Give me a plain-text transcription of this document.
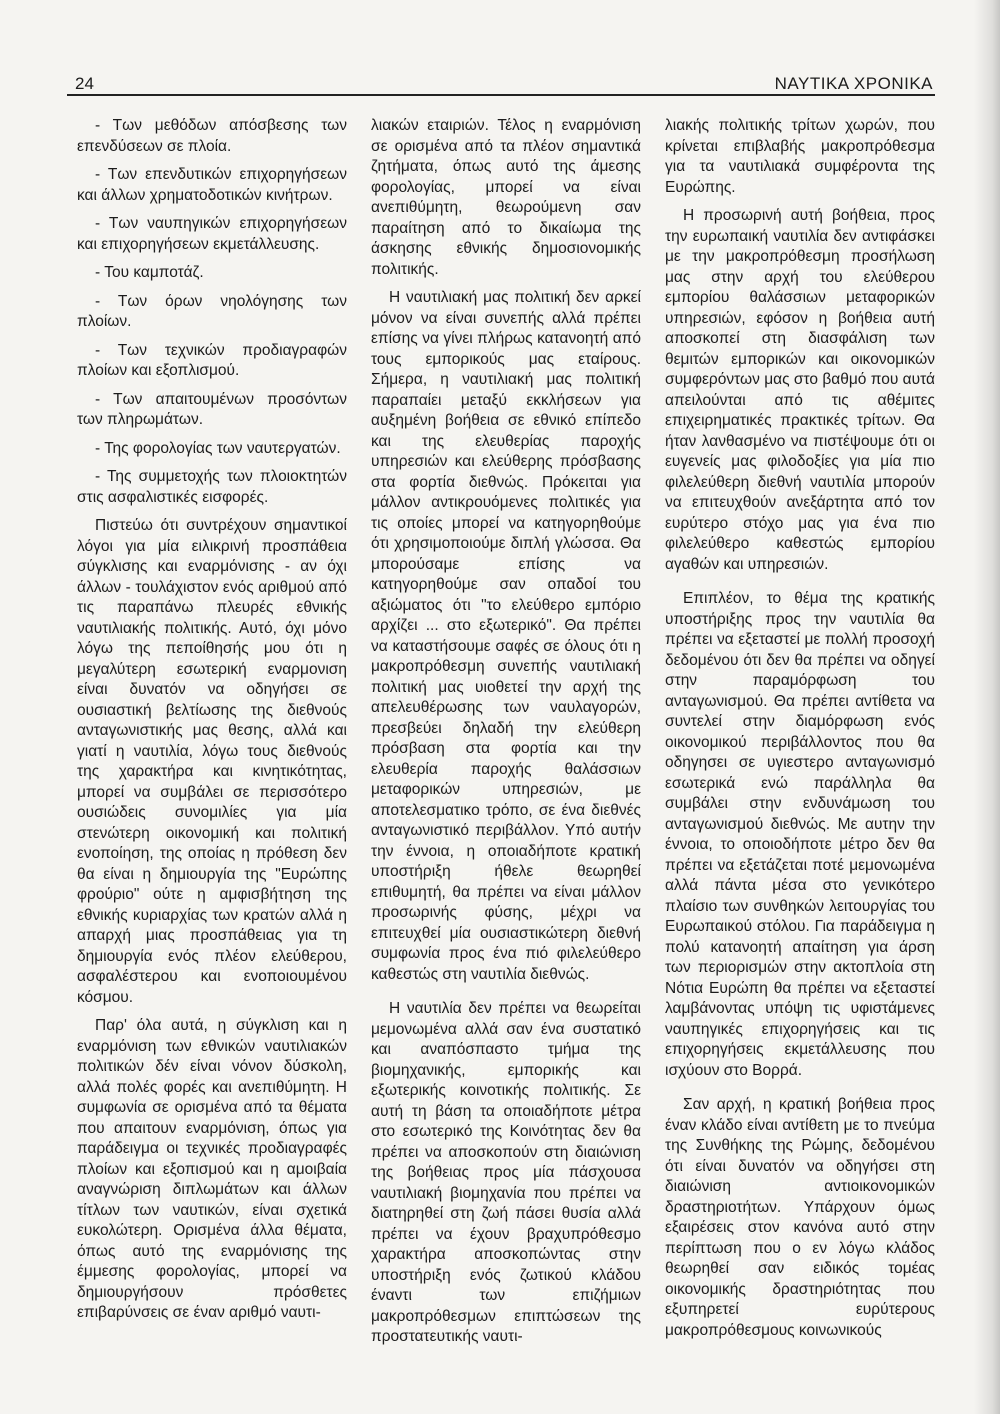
24	ΝΑΥΤΙΚΑ ΧΡΟΝΙΚΑ

- Των μεθόδων απόσβεσης των επενδύσεων σε πλοία.

- Των επενδυτικών επιχορηγήσεων και άλλων χρηματοδοτικών κινήτρων.

- Των ναυπηγικών επιχορηγήσεων και επιχορηγήσεων εκμετάλλευσης.

- Του καμποτάζ.

- Των όρων νηολόγησης των πλοίων.

- Των τεχνικών προδιαγραφών πλοίων και εξοπλισμού.

- Των απαιτουμένων προσόντων των πληρωμάτων.

- Της φορολογίας των ναυτεργατών.

- Της συμμετοχής των πλοιοκτητών στις ασφαλιστικές εισφορές.

Πιστεύω ότι συντρέχουν σημαντικοί λόγοι για μία ειλικρινή προσπάθεια σύγκλισης και εναρμόνισης - αν όχι άλλων - τουλάχιστον ενός αριθμού από τις παραπάνω πλευρές εθνικής ναυτιλιακής πολιτικής. Αυτό, όχι μόνο λόγω της πεποίθησής μου ότι η μεγαλύτερη εσωτερική εναρμονιση είναι δυνατόν να οδηγήσει σε ουσιαστική βελτίωσης της διεθνούς ανταγωνιστικής μας θεσης, αλλά και γιατί η ναυτιλία, λόγω τους διεθνούς της χαρακτήρα και κινητικότητας, μπορεί να συμβάλει σε περισσότερο ουσιώδεις συνομιλίες για μία στενώτερη οικονομική και πολιτική ενοποίηση, της οποίας η πρόθεση δεν θα είναι η δημιουργία της "Ευρώπης φρούριο" ούτε η αμφισβήτηση της εθνικής κυριαρχίας των κρατών αλλά η απαρχή μιας προσπάθειας για τη δημιουργία ενός πλέον ελεύθερου, ασφαλέστερου και ενοποιουμένου κόσμου.

Παρ' όλα αυτά, η σύγκλιση και η εναρμόνιση των εθνικών ναυτιλιακών πολιτικών δέν είναι νόνον δύσκολη, αλλά πολές φορές και ανεπιθύμητη. Η συμφωνία σε ορισμένα από τα θέματα που απαιτουν εναρμόνιση, όπως για παράδειγμα οι τεχνικές προδιαγραφές πλοίων και εξοπισμού και η αμοιβαία αναγνώριση διπλωμάτων και άλλων τίτλων των ναυτικών, είναι σχετικά ευκολώτερη. Ορισμένα άλλα θέματα, όπως αυτό της εναρμόνισης της έμμεσης φορολογίας, μπορεί να δημιουργήσουν πρόσθετες επιβαρύνσεις σε έναν αριθμό ναυτι-

λιακών εταιριών. Τέλος η εναρμόνιση σε ορισμένα από τα πλέον σημαντικά ζητήματα, όπως αυτό της άμεσης φορολογίας, μπορεί να είναι ανεπιθύμητη, θεωρούμενη σαν παραίτηση από το δικαίωμα της άσκησης εθνικής δημοσιονομικής πολιτικής.

Η ναυτιλιακή μας πολιτική δεν αρκεί μόνον να είναι συνεπής αλλά πρέπει επίσης να γίνει πλήρως κατανοητή από τους εμπορικούς μας εταίρους. Σήμερα, η ναυτιλιακή μας πολιτική παραπαίει μεταξύ εκκλήσεων για αυξημένη βοήθεια σε εθνικό επίπεδο και της ελευθερίας παροχής υπηρεσιών και ελεύθερης πρόσβασης στα φορτία διεθνώς. Πρόκειται για μάλλον αντικρουόμενες πολιτικές για τις οποίες μπορεί να κατηγορηθούμε ότι χρησιμοποιούμε διπλή γλώσσα. Θα μπορούσαμε επίσης να κατηγορηθούμε σαν οπαδοί του αξιώματος ότι "το ελεύθερο εμπόριο αρχίζει ... στο εξωτερικό". Θα πρέπει να καταστήσουμε σαφές σε όλους ότι η μακροπρόθεσμη συνεπής ναυτιλιακή πολιτική μας υιοθετεί την αρχή της απελευθέρωσης των ναυλαγορών, πρεσβεύει δηλαδή την ελεύθερη πρόσβαση στα φορτία και την ελευθερία παροχής θαλάσσιων μεταφορικών υπηρεσιών, με αποτελεσματικο τρόπο, σε ένα διεθνές ανταγωνιστικό περιβάλλον. Υπό αυτήν την έννοια, η οποιαδήποτε κρατική υποστήριξη ήθελε θεωρηθεί επιθυμητή, θα πρέπει να είναι μάλλον προσωρινής φύσης, μέχρι να επιτευχθεί μία ουσιαστικώτερη διεθνή συμφωνία προς ένα πιό φιλελεύθερο καθεστώς στη ναυτιλία διεθνώς.

Η ναυτιλία δεν πρέπει να θεωρείται μεμονωμένα αλλά σαν ένα συστατικό και αναπόσπαστο τμήμα της βιομηχανικής, εμπορικής και εξωτερικής κοινοτικής πολιτικής. Σε αυτή τη βάση τα οποιαδήποτε μέτρα στο εσωτερικό της Κοινότητας δεν θα πρέπει να αποσκοπούν στη διαιώνιση της βοήθειας προς μία πάσχουσα ναυτιλιακή βιομηχανία που πρέπει να διατηρηθεί στη ζωή πάσει θυσία αλλά πρέπει να έχουν βραχυπρόθεσμο χαρακτήρα αποσκοπώντας στην υποστήριξη ενός ζωτικού κλάδου έναντι των επιζήμιων μακροπρόθεσμων επιπτώσεων της προστατευτικής ναυτι-

λιακής πολιτικής τρίτων χωρών, που κρίνεται επιβλαβής μακροπρόθεσμα για τα ναυτιλιακά συμφέροντα της Ευρώπης.

Η προσωρινή αυτή βοήθεια, προς την ευρωπαική ναυτιλία δεν αντιφάσκει με την μακροπρόθεσμη προσήλωση μας στην αρχή του ελεύθερου εμπορίου θαλάσσιων μεταφορικών υπηρεσιών, εφόσον η βοήθεια αυτή αποσκοπεί στη διασφάλιση των θεμιτών εμπορικών και οικονομικών συμφερόντων μας στο βαθμό που αυτά απειλούνται από τις αθέμιτες επιχειρηματικές πρακτικές τρίτων. Θα ήταν λανθασμένο να πιστέψουμε ότι οι ευγενείς μας φιλοδοξίες για μία πιο φιλελεύθερη διεθνή ναυτιλία μπορούν να επιτευχθούν ανεξάρτητα από τον ευρύτερο στόχο μας για ένα πιο φιλελεύθερο καθεστώς εμπορίου αγαθών και υπηρεσιών.

Επιπλέον, το θέμα της κρατικής υποστήριξης προς την ναυτιλία θα πρέπει να εξεταστεί με πολλή προσοχή δεδομένου ότι δεν θα πρέπει να οδηγεί στην παραμόρφωση του ανταγωνισμού. Θα πρέπει αντίθετα να συντελεί στην διαμόρφωση ενός οικονομικού περιβάλλοντος που θα οδηγησει σε υγιεστερο ανταγωνισμό εσωτερικά ενώ παράλληλα θα συμβάλει στην ενδυνάμωση του ανταγωνισμού διεθνώς. Με αυτην την έννοια, το οποιοδήποτε μέτρο δεν θα πρέπει να εξετάζεται ποτέ μεμονωμένα αλλά πάντα μέσα στο γενικότερο πλαίσιο των συνθηκών λειτουργίας του Ευρωπαικού στόλου. Για παράδειγμα η πολύ κατανοητή απαίτηση για άρση των περιορισμών στην ακτοπλοία στη Νότια Ευρώπη θα πρέπει να εξεταστεί λαμβάνοντας υπόψη τις υφιστάμενες ναυπηγικές επιχορηγήσεις και τις επιχορηγήσεις εκμετάλλευσης που ισχύουν στο Βορρά.

Σαν αρχή, η κρατική βοήθεια προς έναν κλάδο είναι αντίθετη με το πνεύμα της Συνθήκης της Ρώμης, δεδομένου ότι είναι δυνατόν να οδηγήσει στη διαιώνιση αντιοικονομικών δραστηριοτήτων. Υπάρχουν όμως εξαιρέσεις στον κανόνα αυτό στην περίπτωση που ο εν λόγω κλάδος θεωρηθεί σαν ειδικός τομέας οικονομικής δραστηριότητας που εξυπηρετεί ευρύτερους μακροπρόθεσμους κοινωνικούς
